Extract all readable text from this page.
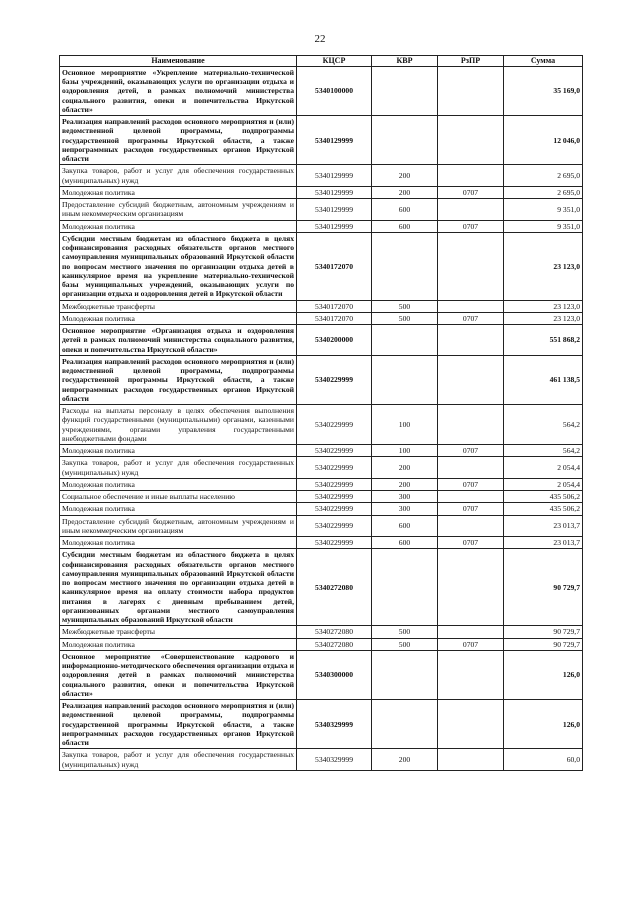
22
Наименование	КЦСР	КВР	РзПР	Сумма
Основное мероприятие «Укрепление материально-технической базы учреждений, оказывающих услуги по организации отдыха и оздоровления детей, в рамках полномочий министерства социального развития, опеки и попечительства Иркутской области»	5340100000			35 169,0
Реализация направлений расходов основного мероприятия и (или) ведомственной целевой программы, подпрограммы государственной программы Иркутской области, а также непрограммных расходов государственных органов Иркутской области	5340129999			12 046,0
Закупка товаров, работ и услуг для обеспечения государственных (муниципальных) нужд	5340129999	200		2 695,0
Молодежная политика	5340129999	200	0707	2 695,0
Предоставление субсидий бюджетным, автономным учреждениям и иным некоммерческим организациям	5340129999	600		9 351,0
Молодежная политика	5340129999	600	0707	9 351,0
Субсидии местным бюджетам из областного бюджета в целях софинансирования расходных обязательств органов местного самоуправления муниципальных образований Иркутской области по вопросам местного значения по организации отдыха детей в каникулярное время на укрепление материально-технической базы муниципальных учреждений, оказывающих услуги по организации отдыха и оздоровления детей в Иркутской области	5340172070			23 123,0
Межбюджетные трансферты	5340172070	500		23 123,0
Молодежная политика	5340172070	500	0707	23 123,0
Основное мероприятие «Организация отдыха и оздоровления детей в рамках полномочий министерства социального развития, опеки и попечительства Иркутской области»	5340200000			551 868,2
Реализация направлений расходов основного мероприятия и (или) ведомственной целевой программы, подпрограммы государственной программы Иркутской области, а также непрограммных расходов государственных органов Иркутской области	5340229999			461 138,5
Расходы на выплаты персоналу в целях обеспечения выполнения функций государственными (муниципальными) органами, казенными учреждениями, органами управления государственными внебюджетными фондами	5340229999	100		564,2
Молодежная политика	5340229999	100	0707	564,2
Закупка товаров, работ и услуг для обеспечения государственных (муниципальных) нужд	5340229999	200		2 054,4
Молодежная политика	5340229999	200	0707	2 054,4
Социальное обеспечение и иные выплаты населению	5340229999	300		435 506,2
Молодежная политика	5340229999	300	0707	435 506,2
Предоставление субсидий бюджетным, автономным учреждениям и иным некоммерческим организациям	5340229999	600		23 013,7
Молодежная политика	5340229999	600	0707	23 013,7
Субсидии местным бюджетам из областного бюджета в целях софинансирования расходных обязательств органов местного самоуправления муниципальных образований Иркутской области по вопросам местного значения по организации отдыха детей в каникулярное время на оплату стоимости набора продуктов питания в лагерях с дневным пребыванием детей, организованных органами местного самоуправления муниципальных образований Иркутской области	5340272080			90 729,7
Межбюджетные трансферты	5340272080	500		90 729,7
Молодежная политика	5340272080	500	0707	90 729,7
Основное мероприятие «Совершенствование кадрового и информационно-методического обеспечения организации отдыха и оздоровления детей в рамках полномочий министерства социального развития, опеки и попечительства Иркутской области»	5340300000			126,0
Реализация направлений расходов основного мероприятия и (или) ведомственной целевой программы, подпрограммы государственной программы Иркутской области, а также непрограммных расходов государственных органов Иркутской области	5340329999			126,0
Закупка товаров, работ и услуг для обеспечения государственных (муниципальных) нужд	5340329999	200		60,0
